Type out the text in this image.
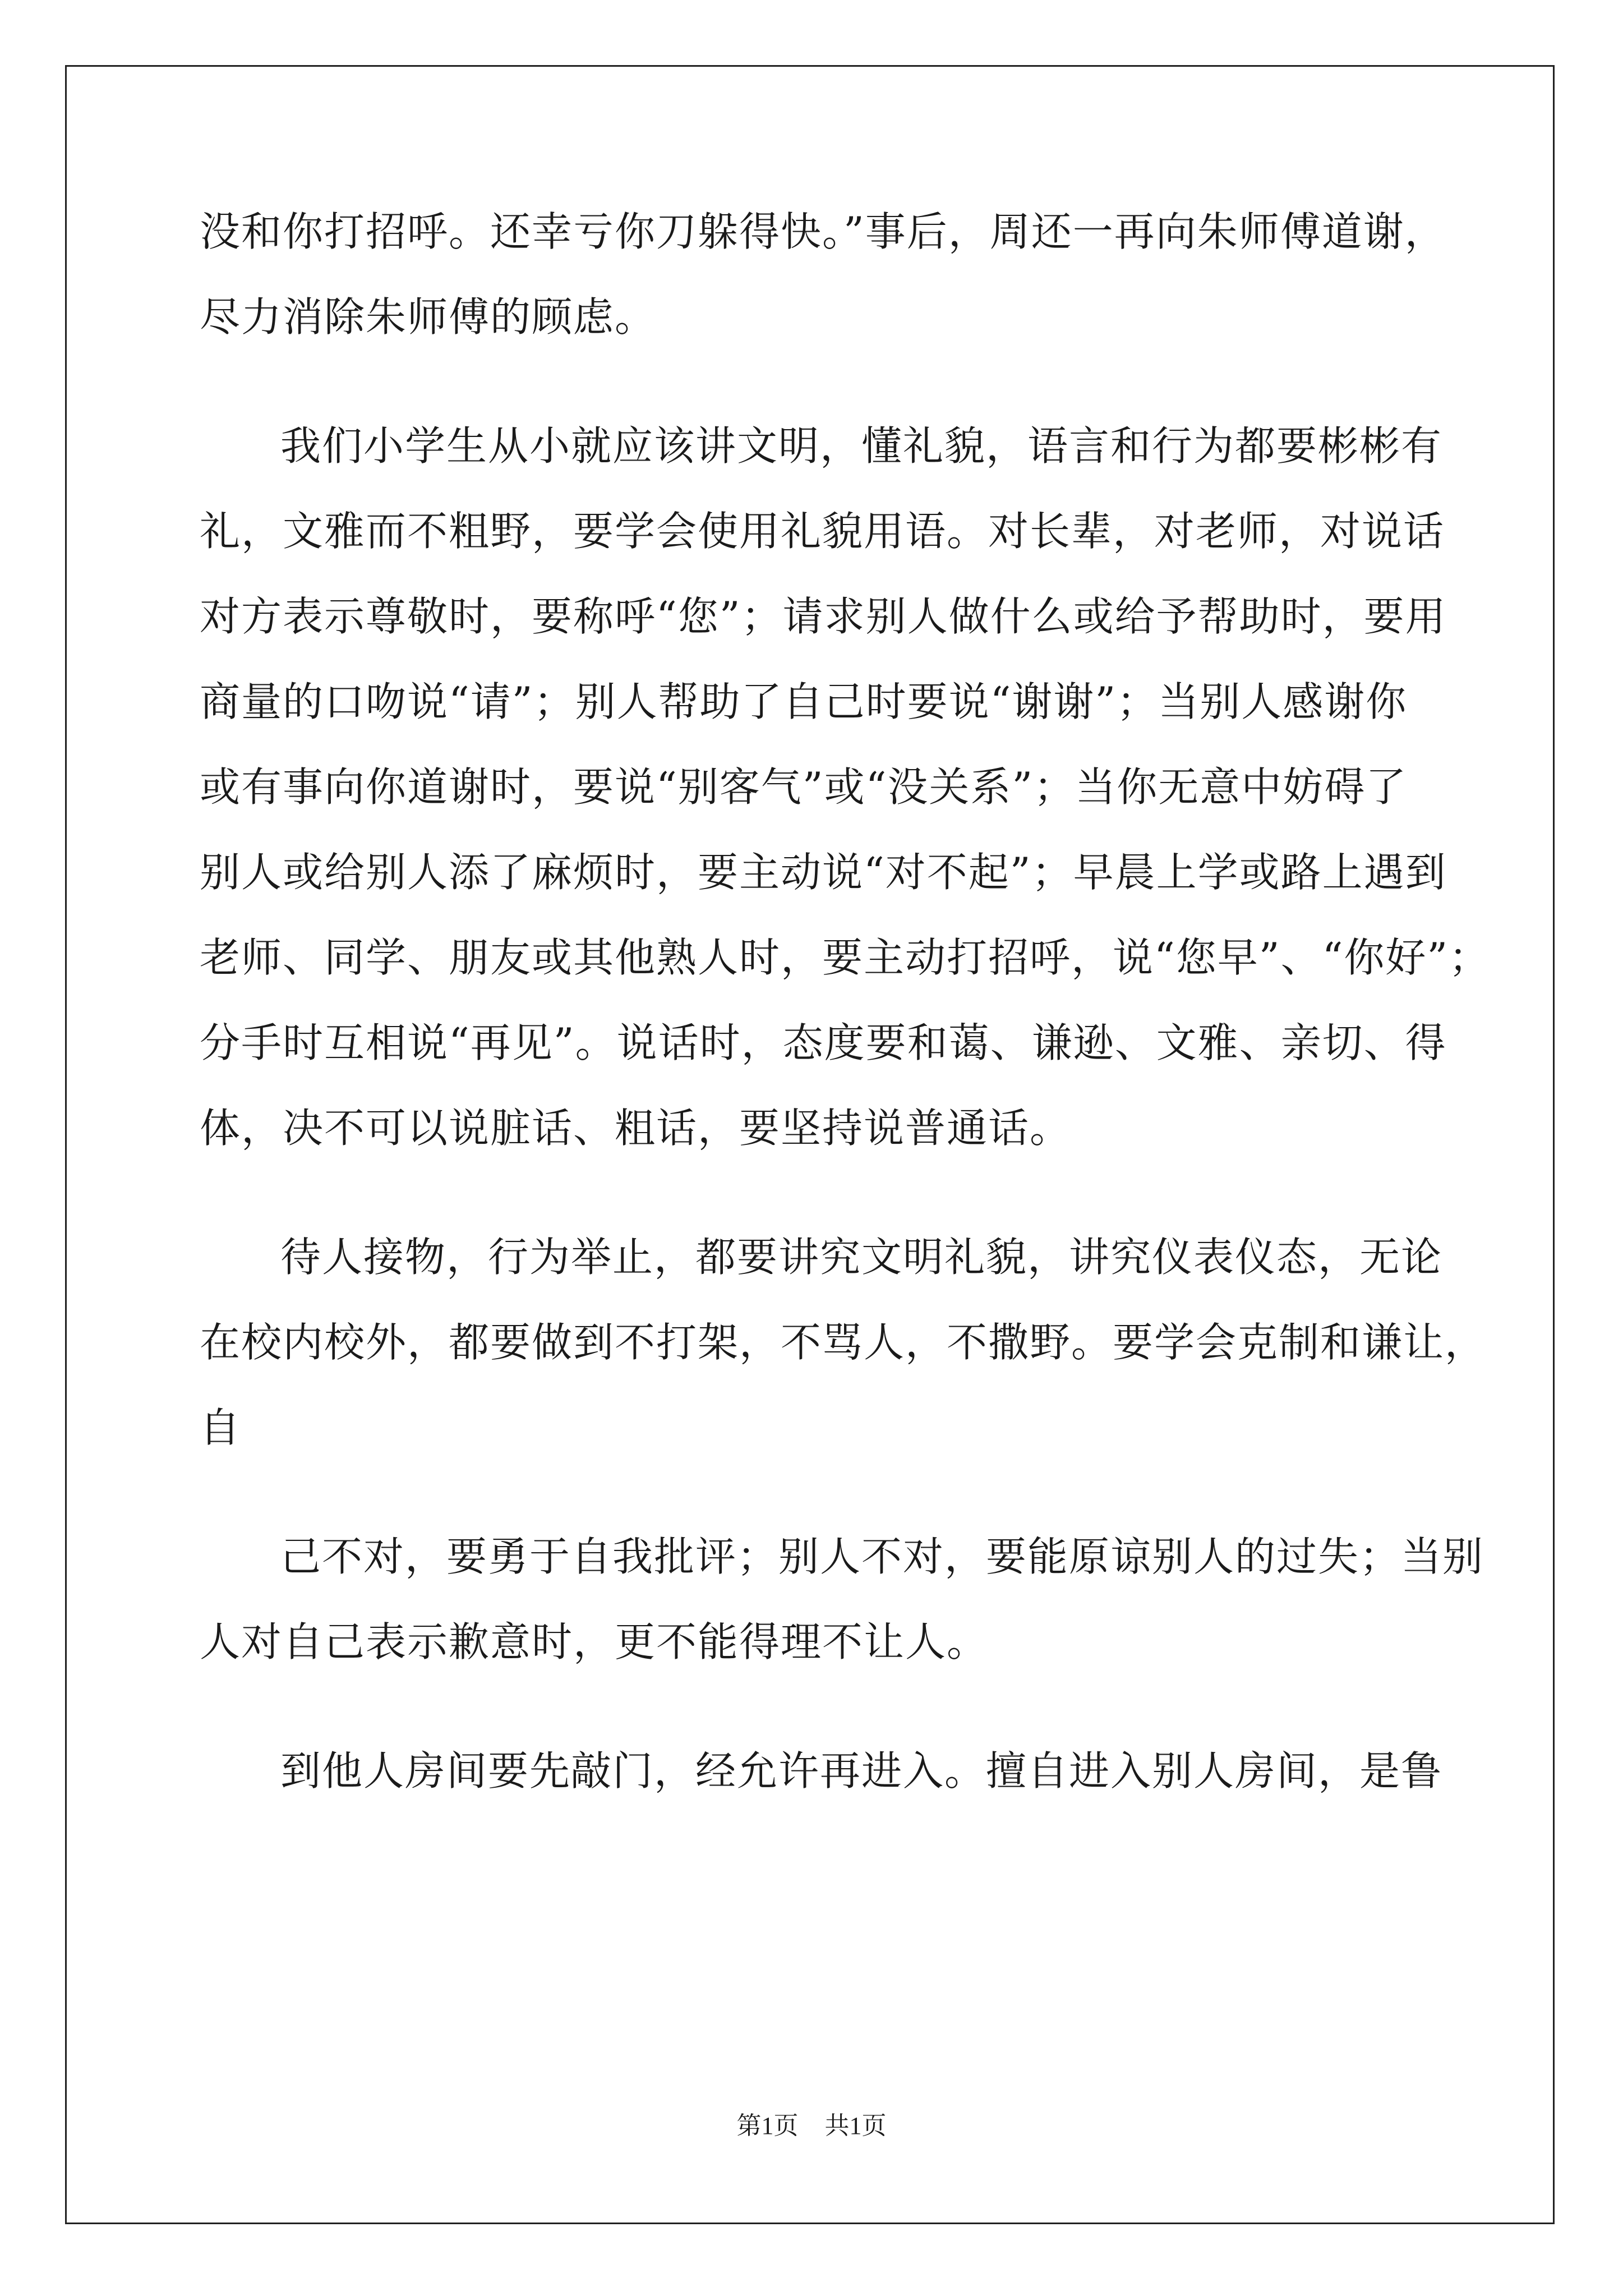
没和你打招呼。还幸亏你刀躲得快。”事后，周还一再向朱师傅道谢，
尽力消除朱师傅的顾虑。
我们小学生从小就应该讲文明，懂礼貌，语言和行为都要彬彬有
礼，文雅而不粗野，要学会使用礼貌用语。对长辈，对老师，对说话
对方表示尊敬时，要称呼“您”；请求别人做什么或给予帮助时，要用
商量的口吻说“请”；别人帮助了自己时要说“谢谢”；当别人感谢你
或有事向你道谢时，要说“别客气”或“没关系”；当你无意中妨碍了
别人或给别人添了麻烦时，要主动说“对不起”；早晨上学或路上遇到
老师、同学、朋友或其他熟人时，要主动打招呼，说“您早”、“你好”；
分手时互相说“再见”。说话时，态度要和蔼、谦逊、文雅、亲切、得
体，决不可以说脏话、粗话，要坚持说普通话。
待人接物，行为举止，都要讲究文明礼貌，讲究仪表仪态，无论
在校内校外，都要做到不打架，不骂人，不撒野。要学会克制和谦让，
自
己不对，要勇于自我批评；别人不对，要能原谅别人的过失；当别
人对自己表示歉意时，更不能得理不让人。
到他人房间要先敲门，经允许再进入。擅自进入别人房间，是鲁
第1页 共1页
